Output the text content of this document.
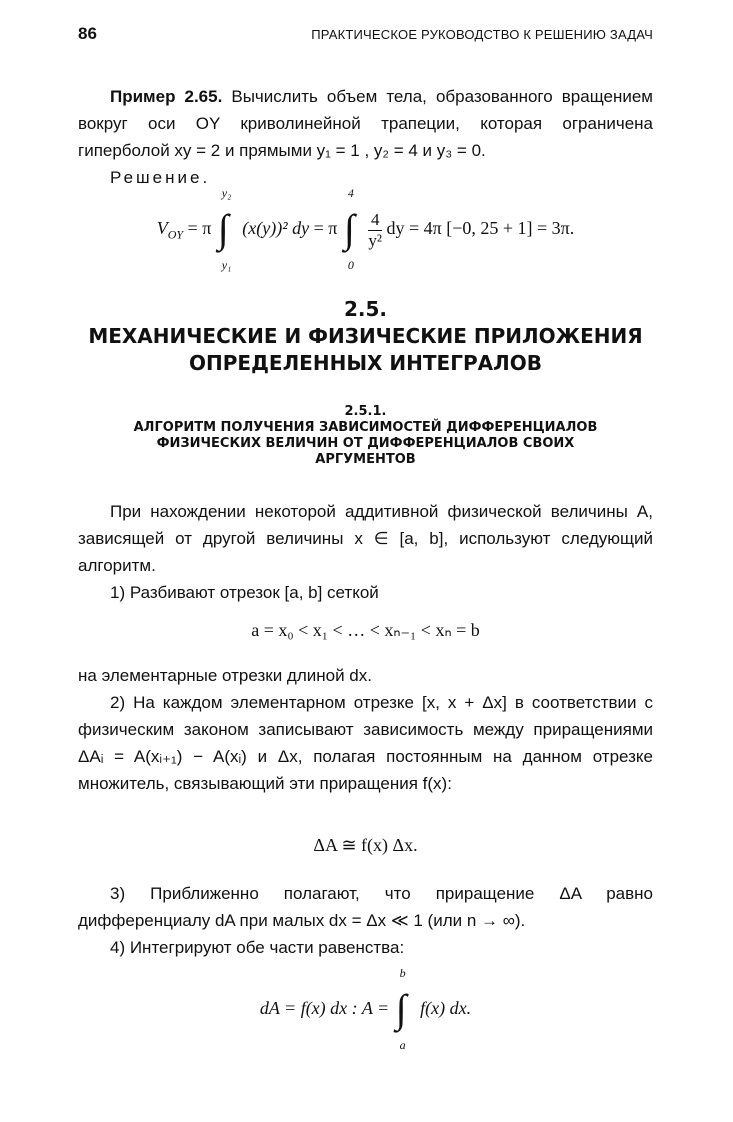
86	ПРАКТИЧЕСКОЕ РУКОВОДСТВО К РЕШЕНИЮ ЗАДАЧ

Пример 2.65. Вычислить объем тела, образованного вращением вокруг оси OY криволинейной трапеции, которая ограничена гиперболой xy = 2 и прямыми y₁ = 1 , y₂ = 4 и y₃ = 0.

Решение.

$V_{OY} = \pi$
y₂
∫
y₁
(x(y))² dy = π
4
∫
0

$\frac{4}{\text{y²}}$ dy = 4π [−0, 25 + 1] = 3π.
2.5.
МЕХАНИЧЕСКИЕ И ФИЗИЧЕСКИЕ ПРИЛОЖЕНИЯ
ОПРЕДЕЛЕННЫХ ИНТЕГРАЛОВ
2.5.1.
АЛГОРИТМ ПОЛУЧЕНИЯ ЗАВИСИМОСТЕЙ ДИФФЕРЕНЦИАЛОВ
ФИЗИЧЕСКИХ ВЕЛИЧИН ОТ ДИФФЕРЕНЦИАЛОВ СВОИХ
АРГУМЕНТОВ

При нахождении некоторой аддитивной физической величины A, зависящей от другой величины x ∈ [a, b], используют следующий алгоритм.

1) Разбивают отрезок [a, b] сеткой

a = x₀ < x₁ < … < xₙ₋₁ < xₙ = b

на элементарные отрезки длиной dx.

2) На каждом элементарном отрезке [x, x + Δx] в соответствии с физическим законом записывают зависимость между приращениями ΔAᵢ = A(xᵢ₊₁) − A(xᵢ) и Δx, полагая постоянным на данном отрезке множитель, связывающий эти приращения f(x):

ΔA ≅ f(x) Δx.

3) Приближенно полагают, что приращение ΔA равно дифференциалу dA при малых dx = Δx ≪ 1 (или n → ∞).

4) Интегрируют обе части равенства:

dA = f(x) dx : A =
b
∫
a
f(x) dx.
